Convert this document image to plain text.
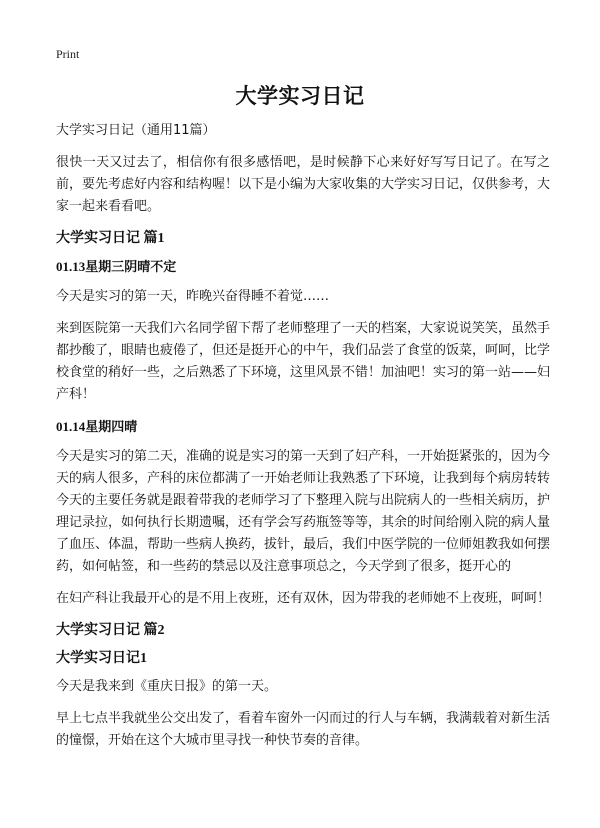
Print
大学实习日记

大学实习日记（通用11篇）

很快一天又过去了，相信你有很多感悟吧，是时候静下心来好好写写日记了。在写之前，要先考虑好内容和结构喔！以下是小编为大家收集的大学实习日记，仅供参考，大家一起来看看吧。

大学实习日记 篇1
01.13星期三阴晴不定

今天是实习的第一天，昨晚兴奋得睡不着觉……

来到医院第一天我们六名同学留下帮了老师整理了一天的档案，大家说说笑笑，虽然手都抄酸了，眼睛也疲倦了，但还是挺开心的中午，我们品尝了食堂的饭菜，呵呵，比学校食堂的稍好一些，之后熟悉了下环境，这里风景不错！加油吧！实习的第一站——妇产科！

01.14星期四晴

今天是实习的第二天，准确的说是实习的第一天到了妇产科，一开始挺紧张的，因为今天的病人很多，产科的床位都满了一开始老师让我熟悉了下环境，让我到每个病房转转今天的主要任务就是跟着带我的老师学习了下整理入院与出院病人的一些相关病历，护理记录拉，如何执行长期遗嘱，还有学会写药瓶签等等，其余的时间给刚入院的病人量了血压、体温，帮助一些病人换药，拔针，最后，我们中医学院的一位师姐教我如何摆药，如何帖签，和一些药的禁忌以及注意事项总之，今天学到了很多，挺开心的

在妇产科让我最开心的是不用上夜班，还有双休，因为带我的老师她不上夜班，呵呵！

大学实习日记 篇2
大学实习日记1

今天是我来到《重庆日报》的第一天。

早上七点半我就坐公交出发了，看着车窗外一闪而过的行人与车辆，我满载着对新生活的憧憬，开始在这个大城市里寻找一种快节奏的音律。
